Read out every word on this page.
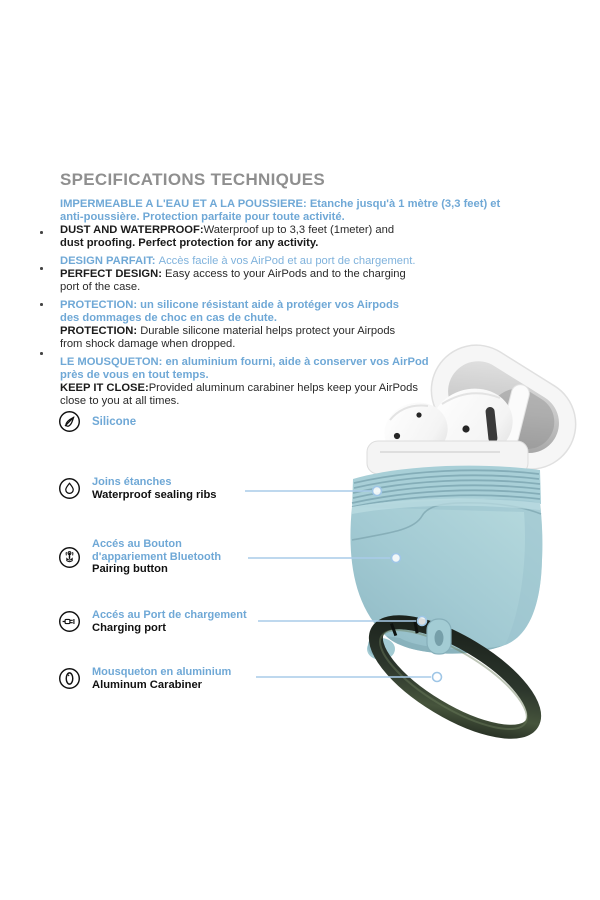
SPECIFICATIONS TECHNIQUES
IMPERMEABLE A L'EAU ET A LA POUSSIERE: Etanche jusqu'à 1 mètre (3,3 feet) et
anti-poussière. Protection parfaite pour toute activité.
DUST AND WATERPROOF:Waterproof up to 3,3 feet (1meter) and
dust proofing. Perfect protection for any activity.
DESIGN PARFAIT: Accès facile à vos AirPod et au port de chargement.
PERFECT DESIGN: Easy access to your AirPods and to the charging
port of the case.
PROTECTION: un silicone résistant aide à protéger vos Airpods
des dommages de choc en cas de chute.
PROTECTION: Durable silicone material helps protect your Airpods
from shock damage when dropped.
LE MOUSQUETON: en aluminium fourni, aide à conserver vos AirPod
près de vous en tout temps.
KEEP IT CLOSE:Provided aluminum carabiner helps keep your AirPods
close to you at all times.
Silicone
Joins étanches
Waterproof sealing ribs
Accés au Bouton
d'appariement Bluetooth
Pairing button
Accés au Port de chargement
Charging port
Mousqueton en aluminium
Aluminum Carabiner
